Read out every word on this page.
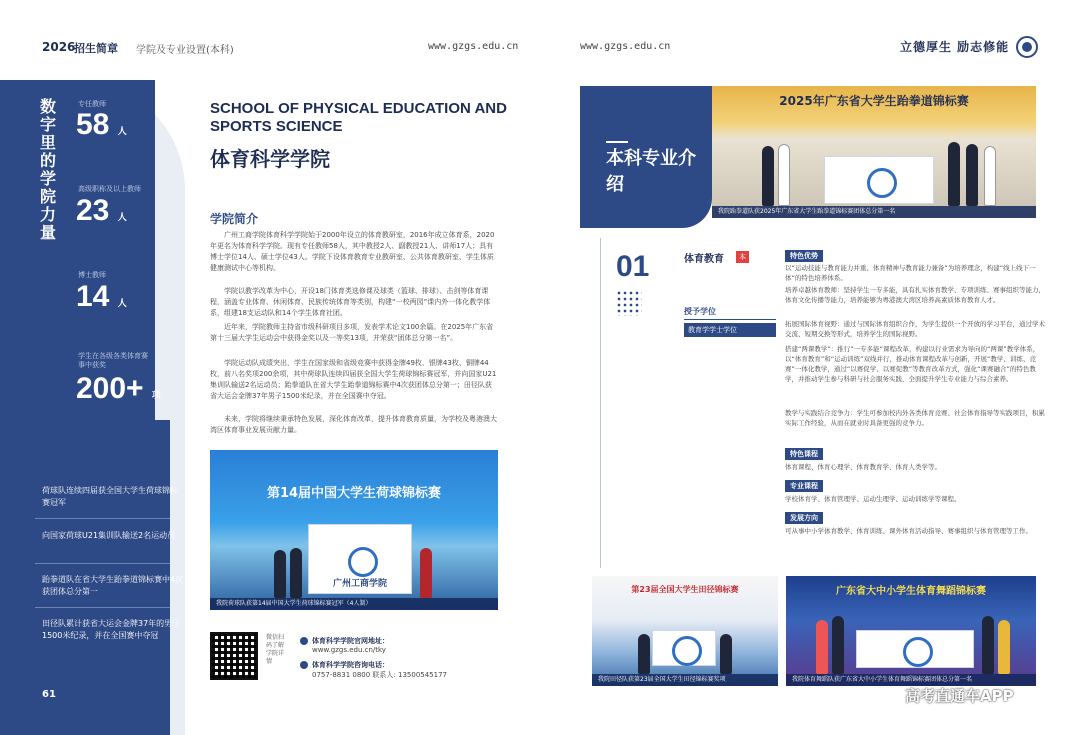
2026
招生简章 学院及专业设置(本科)	www.gzgs.edu.cn	www.gzgs.edu.cn	立德厚生 励志修能
数字里的学院力量
专任教师
58 人
高级职称及以上教师
23 人
博士教师
14 人
学生在各级各类体育赛事中获奖
200+ 项
荷球队连续四届获全国大学生荷球锦标赛冠军
向国家荷球U21集训队输送2名运动员
跆拳道队在省大学生跆拳道锦标赛中4次获团体总分第一
田径队累计获省大运会金牌37年的男子1500米纪录，并在全国赛中夺冠
61
SCHOOL OF PHYSICAL EDUCATION AND SPORTS SCIENCE
体育科学学院
学院简介

广州工商学院体育科学学院始于2000年设立的体育教研室，2016年成立体育系，2020年更名为体育科学学院。现有专任教师58人，其中教授2人、副教授21人、讲师17人；具有博士学位14人、硕士学位43人。学院下设体育教育专业教研室、公共体育教研室、学生体质健康测试中心等机构。

学院以教学改革为中心，开设18门体育类选修课及球类（篮球、排球）、击剑等体育课程，涵盖专业体育、休闲体育、民族传统体育等类别，构建“一校两园”课内外一体化教学体系，组建18支运动队和14个学生体育社团。

近年来，学院教师主持省市级科研项目多项，发表学术论文100余篇。在2025年广东省第十三届大学生运动会中获得金奖以及一等奖13项，并荣获“团体总分第一名”。

学院运动队成绩突出，学生在国家级和省级竞赛中获得金牌49枚、银牌43枚、铜牌44枚，前八名奖项200余项，其中荷球队连续四届获全国大学生荷球锦标赛冠军，并向国家U21集训队输送2名运动员；跆拳道队在省大学生跆拳道锦标赛中4次获团体总分第一；田径队获省大运会金牌37年男子1500米纪录，并在全国赛中夺冠。

未来，学院将继续秉承特色发展，深化体育改革，提升体育教育质量，为学校及粤港澳大湾区体育事业发展贡献力量。

第14届中国大学生荷球锦标赛
广州工商学院
我院荷球队获第14届中国大学生荷球锦标赛冠军（4人制）
微信扫码了解学院详情
体育科学学院官网地址：
www.gzgs.edu.cn/tky
体育科学学院咨询电话：
0757-8831 0800 联系人: 13500545177
本科专业介绍
2025年广东省大学生跆拳道锦标赛
我院跆拳道队获2025年广东省大学生跆拳道锦标赛团体总分第一名
01	体育教育	本
授予学位
教育学学士学位
特色优势

以“运动技能与教育能力并重、体育精神与教育能力兼备”为培养理念，构建“线上线下一体”的特色培养体系。

培养卓越体育教师：坚持学生一专多能，具有扎实体育教学、专项训练、赛事组织等能力，体育文化传播等能力，培养能够为粤港澳大湾区培养高素质体育教育人才。

拓展国际体育视野：通过与国际体育组织合作，为学生提供一个开放的学习平台，通过学术交流、短期交换等形式，培养学生的国际视野。

搭建“两课教学”：推行“一专多能”课程改革，构建以行业需求为导向的“两课”教学体系，以“体育教育”和“运动训练”双线并行，推动体育课程改革与创新，开展“教学、训练、竞赛”一体化教学，通过“以赛促学、以赛促教”等教育改革方式，强化“课赛融合”的特色教学，并推动学生参与科研与社会服务实践，全面提升学生专业能力与综合素养。

教学与实践结合竞争力：学生可参加校内外各类体育竞赛、社会体育指导等实践项目，积累实际工作经验，从而在就业时具备更强的竞争力。

特色课程

体育课程、体育心理学、体育教育学、体育人类学等。

专业课程

学校体育学、体育管理学、运动生理学、运动训练学等课程。

发展方向

可从事中小学体育教学、体育训练、课外体育活动指导、赛事组织与体育管理等工作。

第23届全国大学生田径锦标赛
我院田径队获第23届全国大学生田径锦标赛奖项
广东省大中小学生体育舞蹈锦标赛
我院体育舞蹈队获广东省大中小学生体育舞蹈锦标赛团体总分第一名
高考直通车APP
